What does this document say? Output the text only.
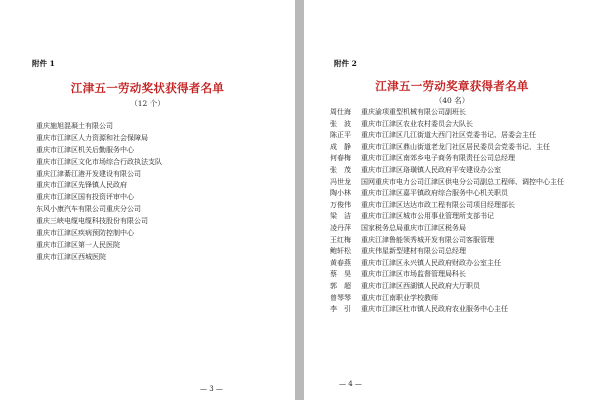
附件 1
江津五一劳动奖状获得者名单
（12 个）
重庆施旭混凝土有限公司
重庆市江津区人力资源和社会保障局
重庆市江津区机关后勤服务中心
重庆市江津区文化市场综合行政执法支队
重庆江津綦江港开发建设有限公司
重庆市江津区先锋镇人民政府
重庆市江津区国有投资评审中心
东风小康汽车有限公司重庆分公司
重庆三峡电缆电缆科技股份有限公司
重庆市江津区疾病预防控制中心
重庆市江津区第一人民医院
重庆市江津区西城医院
— 3 —
附件 2
江津五一劳动奖章获得者名单
（40 名）
周仕海 重庆渝项重型机械有限公司副班长
张　波 重庆市江津区农业农村委员会大队长
陈正平 重庆市江津区几江街道大西门社区党委书记、居委会主任
成　静 重庆市江津区鼎山街道老龙门社区居民委员会党委书记、主任
何春梅 重庆市江津区南郊乡电子商务有限责任公司总经理
张　茂 重庆市江津区珞璜镇人民政府平安建设办公室
冯世龙 国网重庆市电力公司江津区供电分公司副总工程师、调控中心主任
陶小林 重庆市江津区嘉平镇政府综合服务中心机关职员
万俊伟 重庆市江津区达达市政工程有限公司项目经理部长
梁　洁 重庆市江津区城市公用事业管理所支部书记
凌丹萍 国家税务总局重庆市江津区税务局
王红梅 重庆江津鲁能领秀城开发有限公司客服管理
鲍轩松 重庆伟星新型建材有限公司总经理
黄春燕 重庆市江津区永兴镇人民政府财政办公室主任
蔡　昊 重庆市江津区市场监督管理局科长
郭　超 重庆市江津区西湖镇人民政府大厅职员
曾琴琴 重庆市江南职业学校教师
李　引 重庆市江津区杜市镇人民政府农业服务中心主任
— 4 —
